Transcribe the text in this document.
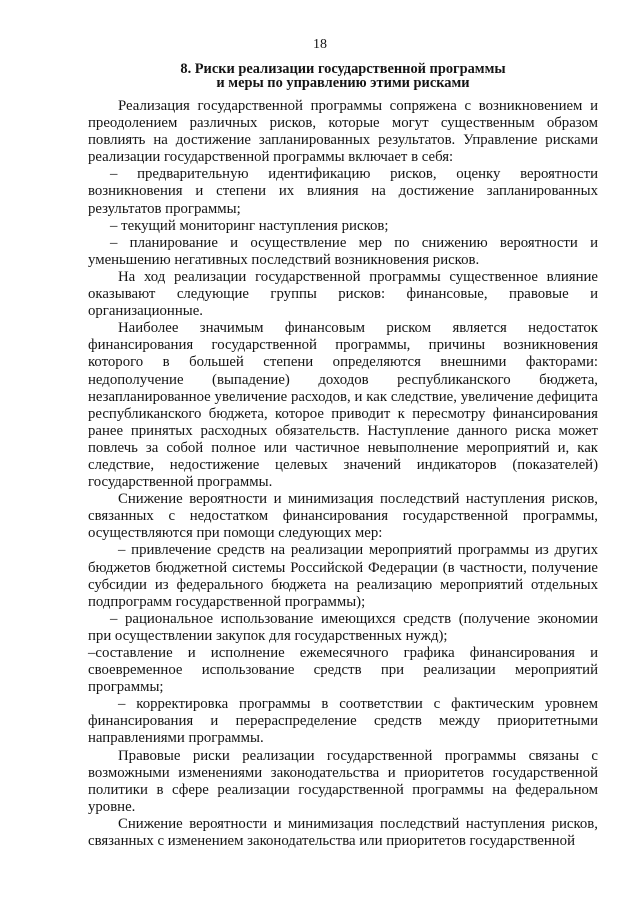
18
8. Риски реализации государственной программы
и меры по управлению этими рисками

Реализация государственной программы сопряжена с возникновением и преодолением различных рисков, которые могут существенным образом повлиять на достижение запланированных результатов. Управление рисками реализации государственной программы включает в себя:

– предварительную идентификацию рисков, оценку вероятности возникновения и степени их влияния на достижение запланированных результатов программы;

– текущий мониторинг наступления рисков;

– планирование и осуществление мер по снижению вероятности и уменьшению негативных последствий возникновения рисков.

На ход реализации государственной программы существенное влияние оказывают следующие группы рисков: финансовые, правовые и организационные.

Наиболее значимым финансовым риском является недостаток финансирования государственной программы, причины возникновения которого в большей степени определяются внешними факторами: недополучение (выпадение) доходов республиканского бюджета, незапланированное увеличение расходов, и как следствие, увеличение дефицита республиканского бюджета, которое приводит к пересмотру финансирования ранее принятых расходных обязательств. Наступление данного риска может повлечь за собой полное или частичное невыполнение мероприятий и, как следствие, недостижение целевых значений индикаторов (показателей) государственной программы.

Снижение вероятности и минимизация последствий наступления рисков, связанных с недостатком финансирования государственной программы, осуществляются при помощи следующих мер:

– привлечение средств на реализации мероприятий программы из других бюджетов бюджетной системы Российской Федерации (в частности, получение субсидии из федерального бюджета на реализацию мероприятий отдельных подпрограмм государственной программы);

– рациональное использование имеющихся средств (получение экономии при осуществлении закупок для государственных нужд);

–составление и исполнение ежемесячного графика финансирования и своевременное использование средств при реализации мероприятий программы;

– корректировка программы в соответствии с фактическим уровнем финансирования и перераспределение средств между приоритетными направлениями программы.

Правовые риски реализации государственной программы связаны с возможными изменениями законодательства и приоритетов государственной политики в сфере реализации государственной программы на федеральном уровне.

Снижение вероятности и минимизация последствий наступления рисков, связанных с изменением законодательства или приоритетов государственной
